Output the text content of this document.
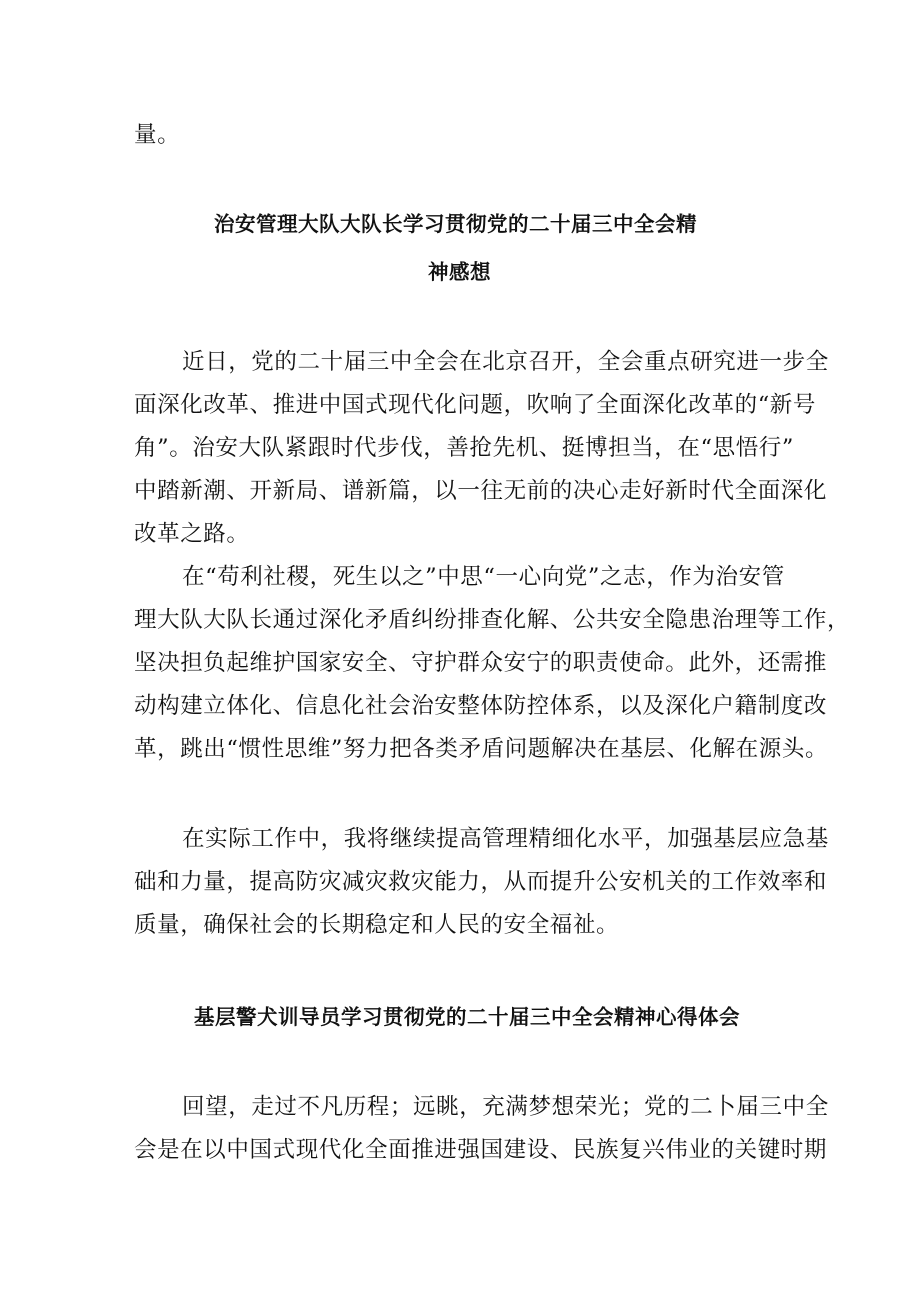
量。
治安管理大队大队长学习贯彻党的二十届三中全会精
神感想
近日，党的二十届三中全会在北京召开，全会重点研究进一步全
面深化改革、推进中国式现代化问题，吹响了全面深化改革的“新号
角”。治安大队紧跟时代步伐，善抢先机、挺博担当，在“思悟行”
中踏新潮、开新局、谱新篇，以一往无前的决心走好新时代全面深化
改革之路。
在“苟利社稷，死生以之”中思“一心向党”之志，作为治安管
理大队大队长通过深化矛盾纠纷排查化解、公共安全隐患治理等工作，
坚决担负起维护国家安全、守护群众安宁的职责使命。此外，还需推
动构建立体化、信息化社会治安整体防控体系，以及深化户籍制度改
革，跳出“惯性思维”努力把各类矛盾问题解决在基层、化解在源头。
在实际工作中，我将继续提高管理精细化水平，加强基层应急基
础和力量，提高防灾减灾救灾能力，从而提升公安机关的工作效率和
质量，确保社会的长期稳定和人民的安全福祉。
基层警犬训导员学习贯彻党的二十届三中全会精神心得体会
回望，走过不凡历程；远眺，充满梦想荣光；党的二卜届三中全
会是在以中国式现代化全面推进强国建设、民族复兴伟业的关键时期
